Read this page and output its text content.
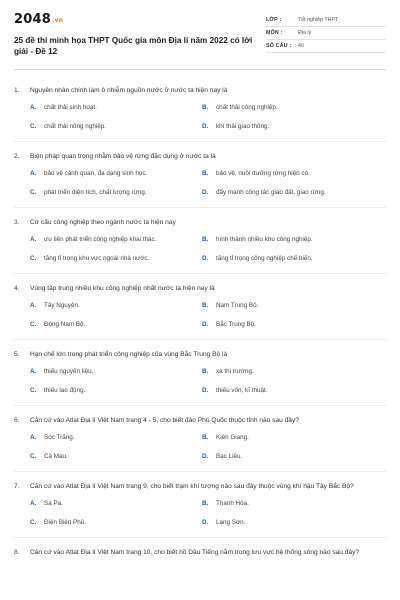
2048.vn
25 đề thi minh họa THPT Quốc gia môn Địa lí năm 2022 có lời giải - Đề 12
LỚP :	Tốt nghiệp THPT
MÔN :	Địa lý
SỐ CÂU :	40
1.	Nguyên nhân chính làm ô nhiễm nguồn nước ở nước ta hiện nay là
A.	chất thải sinh hoạt.	B.	chất thải công nghiệp.
C.	chất thải nông nghiệp.	D.	khí thải giao thông.
2.	Biện pháp quan trọng nhằm bảo vệ rừng đặc dụng ở nước ta là
A.	bảo vệ cảnh quan, đa dạng sinh học.	B.	bảo vệ, nuôi dưỡng rừng hiện có.
C.	phát triển diện tích, chất lượng rừng.	D.	đẩy mạnh công tác giao đất, giao rừng.
3.	Cơ cấu công nghiệp theo ngành nước ta hiện nay
A.	ưu tiên phát triển công nghiệp khai thác.	B.	hình thành nhiều khu công nghiệp.
C.	tăng tỉ trọng khu vực ngoài nhà nước.	D.	tăng tỉ trọng công nghiệp chế biến.
4.	Vùng tập trung nhiều khu công nghiệp nhất nước ta hiện nay là
A.	Tây Nguyên.	B.	Nam Trung Bộ.
C.	Đông Nam Bộ.	D.	Bắc Trung Bộ.
5.	Hạn chế lớn trong phát triển công nghiệp của vùng Bắc Trung Bộ là
A.	thiếu nguyên liệu.	B.	xa thị trường.
C.	thiếu lao động.	D.	thiếu vốn, kĩ thuật.
6.	Căn cứ vào Atlat Địa lí Việt Nam trang 4 - 5, cho biết đảo Phú Quốc thuộc tỉnh nào sau đây?
A.	Sóc Trăng.	B.	Kiên Giang.
C.	Cà Mau.	D.	Bạc Liêu.
7.	Căn cứ vào Atlat Địa lí Việt Nam trang 9, cho biết trạm khí tượng nào sau đây thuộc vùng khí hậu Tây Bắc Bộ?
A.	Sa Pa.	B.	Thanh Hóa.
C.	Điện Biên Phủ.	D.	Lạng Sơn.
8.	Căn cứ vào Atlat Địa lí Việt Nam trang 10, cho biết hồ Dầu Tiếng nằm trong lưu vực hệ thống sông nào sau đây?
